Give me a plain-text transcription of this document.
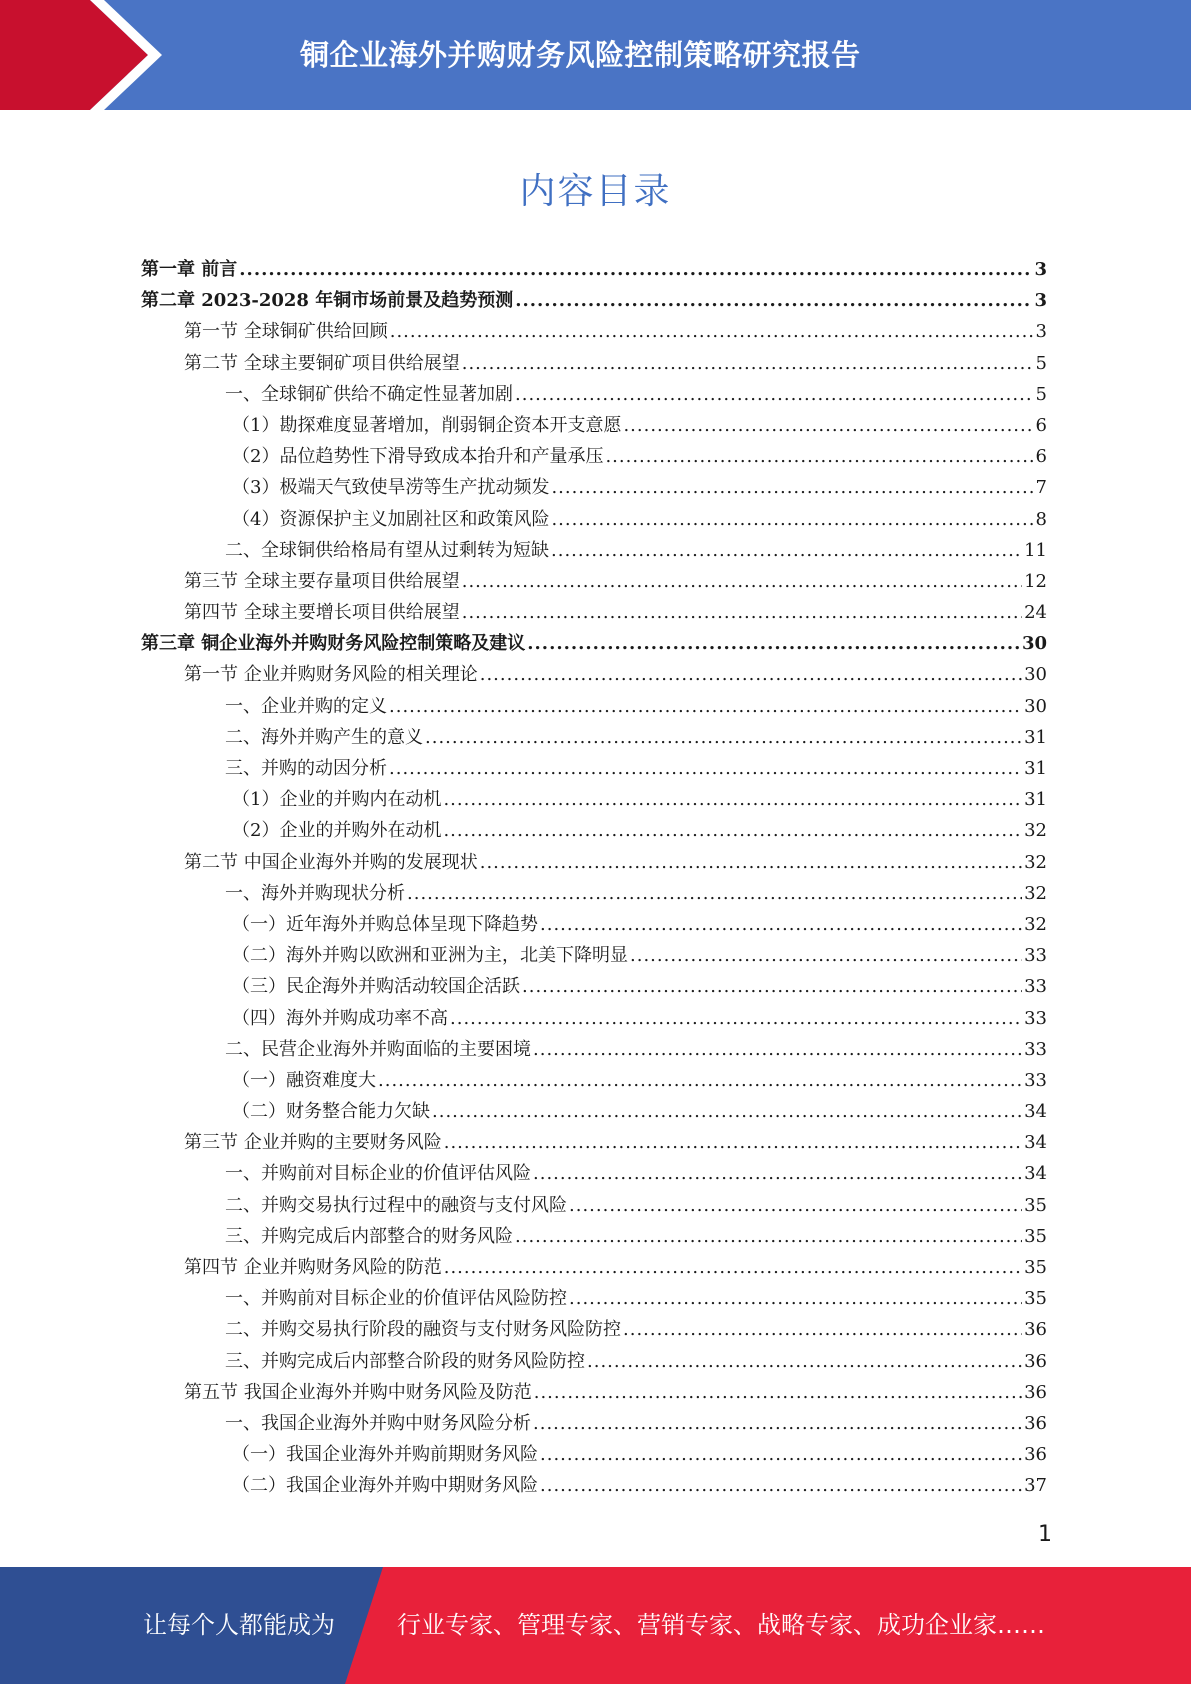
铜企业海外并购财务风险控制策略研究报告
内容目录
第一章 前言 .....	3
第二章 2023-2028 年铜市场前景及趋势预测 .....	3
第一节 全球铜矿供给回顾 .....	3
第二节 全球主要铜矿项目供给展望 .....	5
一、全球铜矿供给不确定性显著加剧 .....	5
（1）勘探难度显著增加，削弱铜企资本开支意愿 .....	6
（2）品位趋势性下滑导致成本抬升和产量承压 .....	6
（3）极端天气致使旱涝等生产扰动频发 .....	7
（4）资源保护主义加剧社区和政策风险 .....	8
二、全球铜供给格局有望从过剩转为短缺 .....	11
第三节 全球主要存量项目供给展望 .....	12
第四节 全球主要增长项目供给展望 .....	24
第三章 铜企业海外并购财务风险控制策略及建议 .....	30
第一节 企业并购财务风险的相关理论 .....	30
一、企业并购的定义 .....	30
二、海外并购产生的意义 .....	31
三、并购的动因分析 .....	31
（1）企业的并购内在动机 .....	31
（2）企业的并购外在动机 .....	32
第二节 中国企业海外并购的发展现状 .....	32
一、海外并购现状分析 .....	32
（一）近年海外并购总体呈现下降趋势 .....	32
（二）海外并购以欧洲和亚洲为主，北美下降明显 .....	33
（三）民企海外并购活动较国企活跃 .....	33
（四）海外并购成功率不高 .....	33
二、民营企业海外并购面临的主要困境 .....	33
（一）融资难度大 .....	33
（二）财务整合能力欠缺 .....	34
第三节 企业并购的主要财务风险 .....	34
一、并购前对目标企业的价值评估风险 .....	34
二、并购交易执行过程中的融资与支付风险 .....	35
三、并购完成后内部整合的财务风险 .....	35
第四节 企业并购财务风险的防范 .....	35
一、并购前对目标企业的价值评估风险防控 .....	35
二、并购交易执行阶段的融资与支付财务风险防控 .....	36
三、并购完成后内部整合阶段的财务风险防控 .....	36
第五节 我国企业海外并购中财务风险及防范 .....	36
一、我国企业海外并购中财务风险分析 .....	36
（一）我国企业海外并购前期财务风险 .....	36
（二）我国企业海外并购中期财务风险 .....	37
1
让每个人都能成为	行业专家、管理专家、营销专家、战略专家、成功企业家……
